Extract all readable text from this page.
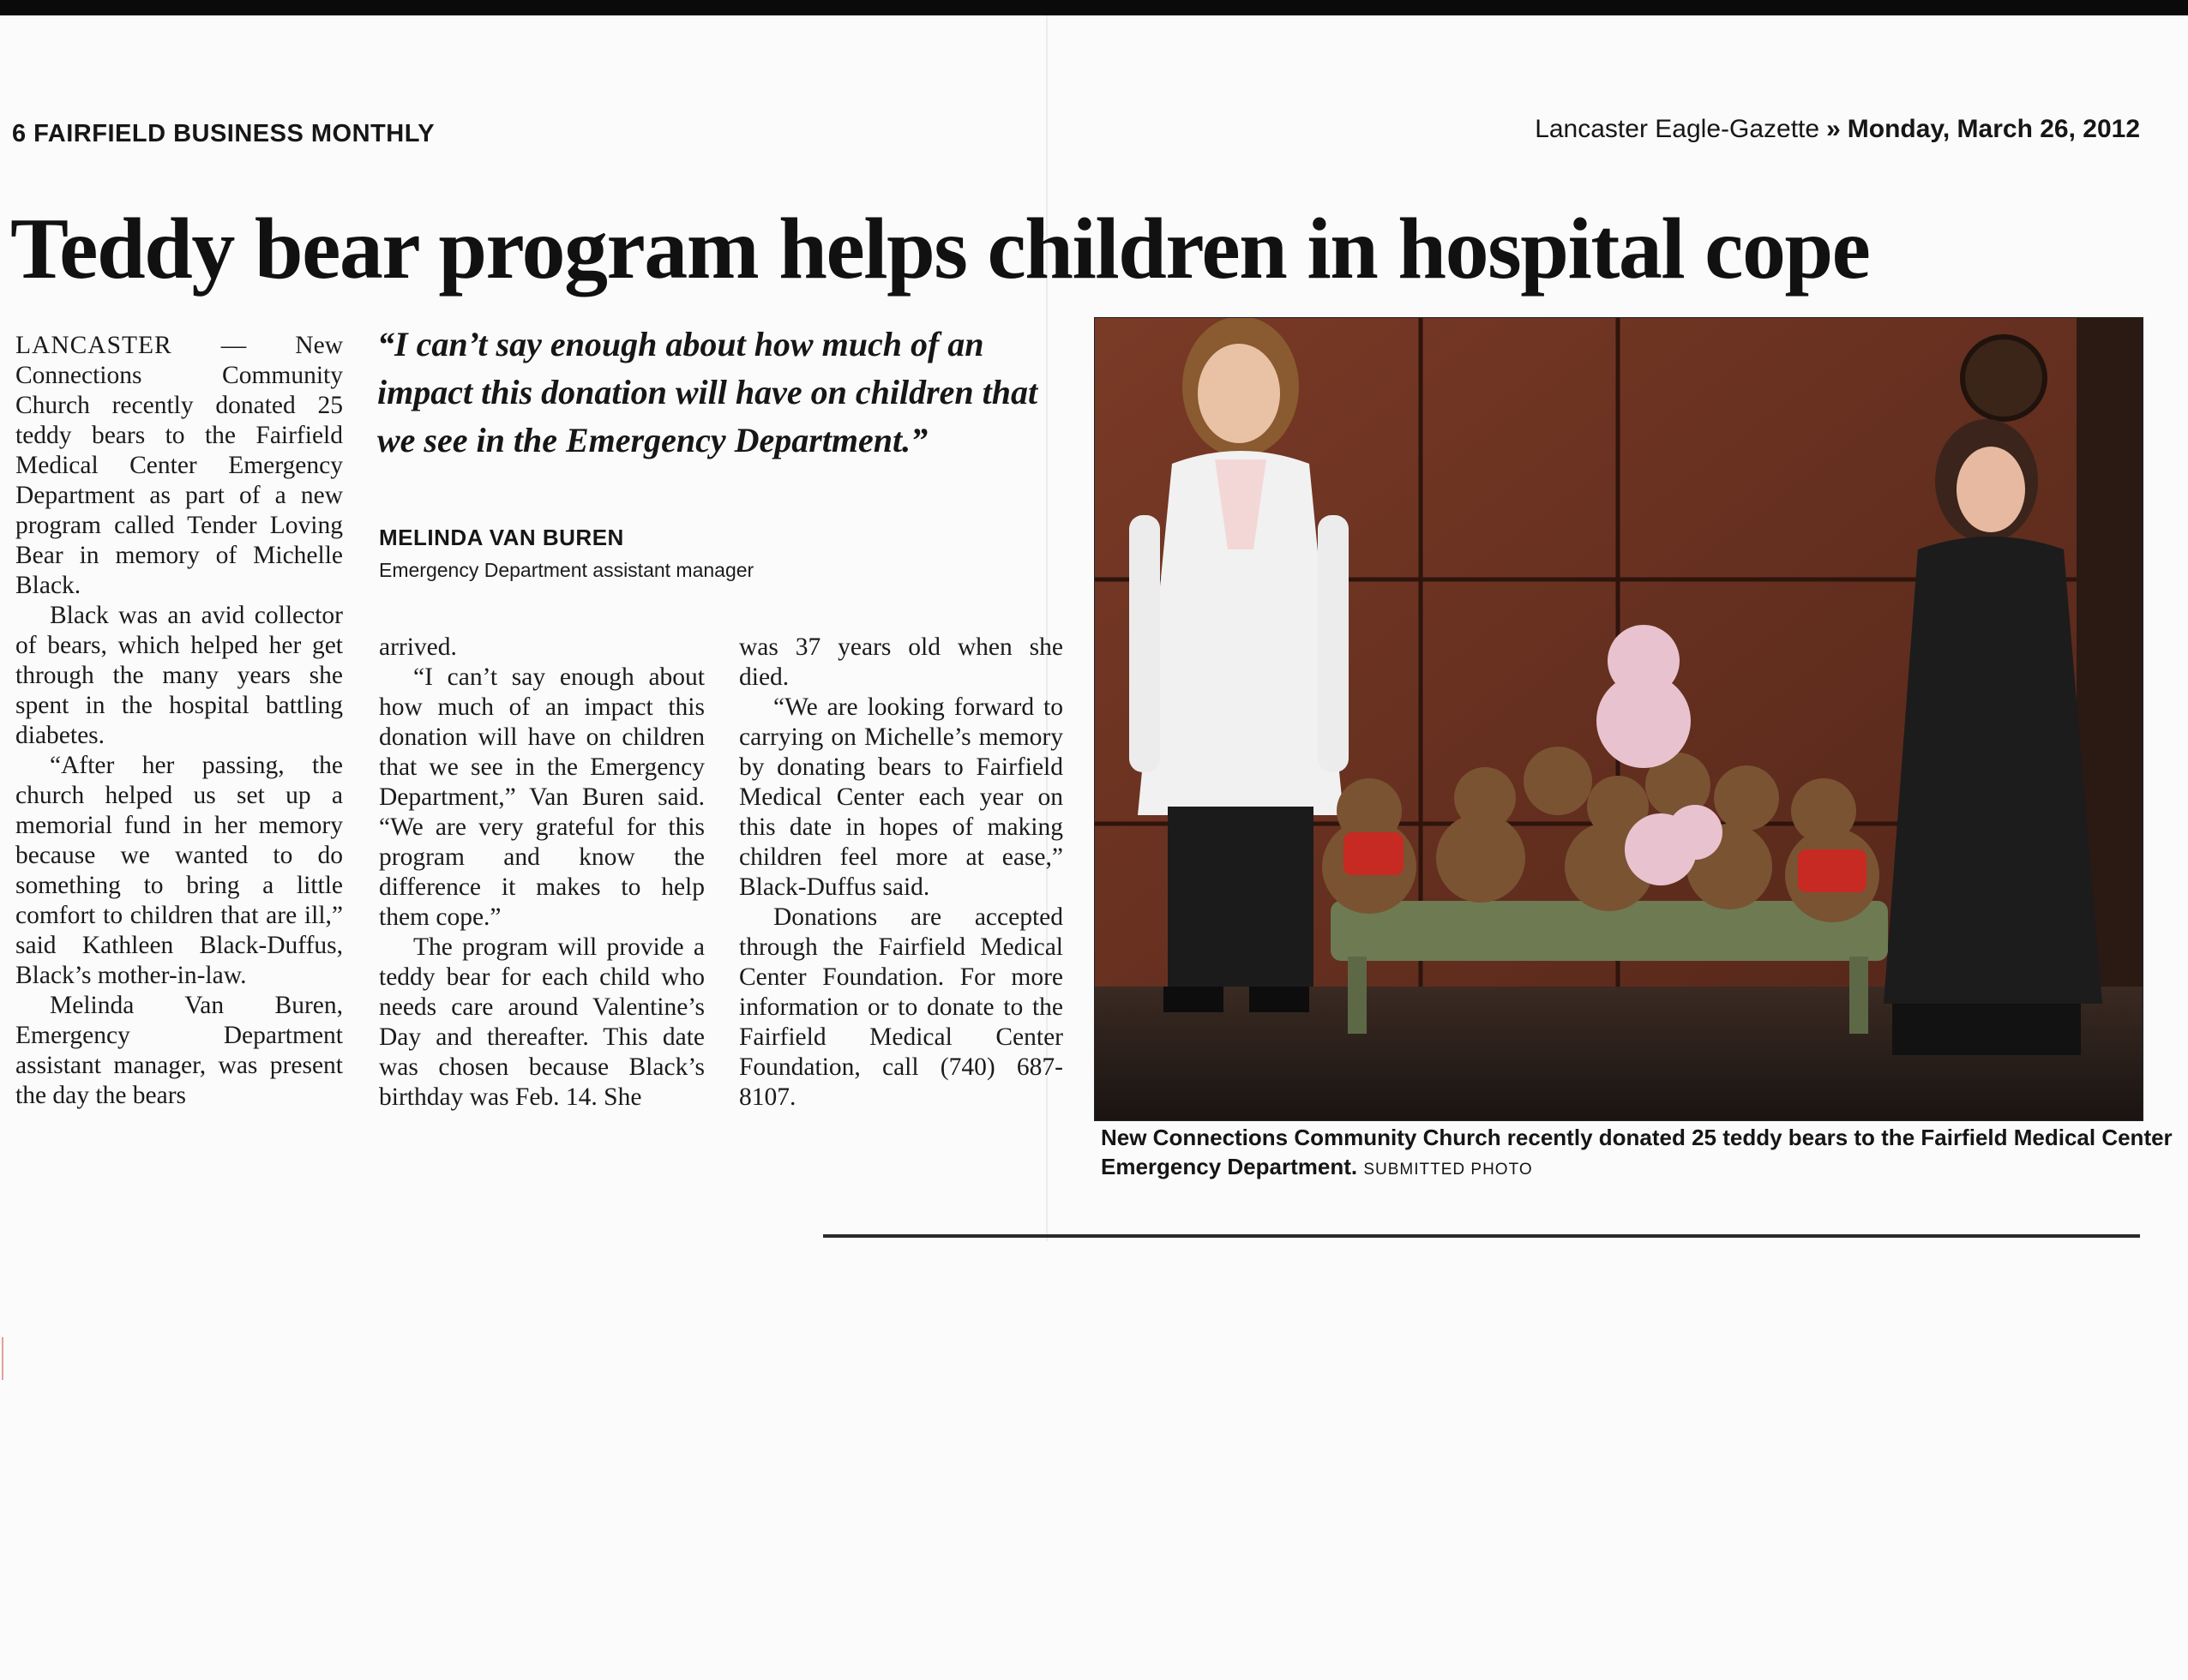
6 FAIRFIELD BUSINESS MONTHLY	Lancaster Eagle-Gazette » Monday, March 26, 2012
Teddy bear program helps children in hospital cope

LANCASTER — New Connections Community Church recently donated 25 teddy bears to the Fairfield Medical Center Emergency Department as part of a new program called Tender Loving Bear in memory of Michelle Black.

Black was an avid collector of bears, which helped her get through the many years she spent in the hospital battling diabetes.

“After her passing, the church helped us set up a memorial fund in her memory because we wanted to do something to bring a little comfort to children that are ill,” said Kathleen Black-Duffus, Black’s mother-in-law.

Melinda Van Buren, Emergency Department assistant manager, was present the day the bears

“I can’t say enough about how much of an impact this donation will have on children that we see in the Emergency Department.”
MELINDA VAN BUREN
Emergency Department assistant manager

arrived.

“I can’t say enough about how much of an impact this donation will have on children that we see in the Emergency Department,” Van Buren said. “We are very grateful for this program and know the difference it makes to help them cope.”

The program will provide a teddy bear for each child who needs care around Valentine’s Day and thereafter. This date was chosen because Black’s birthday was Feb. 14. She

was 37 years old when she died.

“We are looking forward to carrying on Michelle’s memory by donating bears to Fairfield Medical Center each year on this date in hopes of making children feel more at ease,” Black-Duffus said.

Donations are accepted through the Fairfield Medical Center Foundation. For more information or to donate to the Fairfield Medical Center Foundation, call (740) 687-8107.

New Connections Community Church recently donated 25 teddy bears to the Fairfield Medical Center Emergency Department. SUBMITTED PHOTO
